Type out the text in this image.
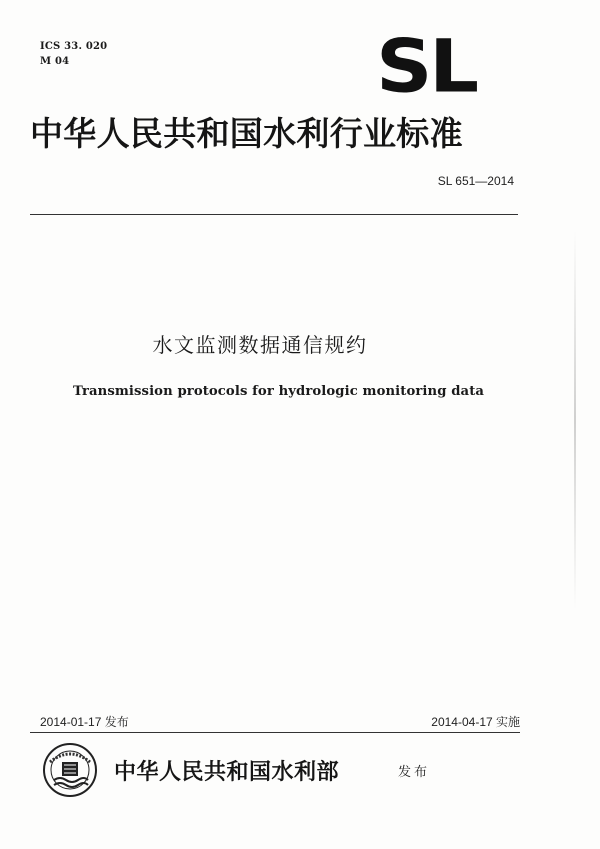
ICS 33. 020
M 04	SL
中华人民共和国水利行业标准
SL 651—2014
水文监测数据通信规约
Transmission protocols for hydrologic monitoring data
2014-01-17 发布	2014-04-17 实施
中华人民共和国水利部	发布
